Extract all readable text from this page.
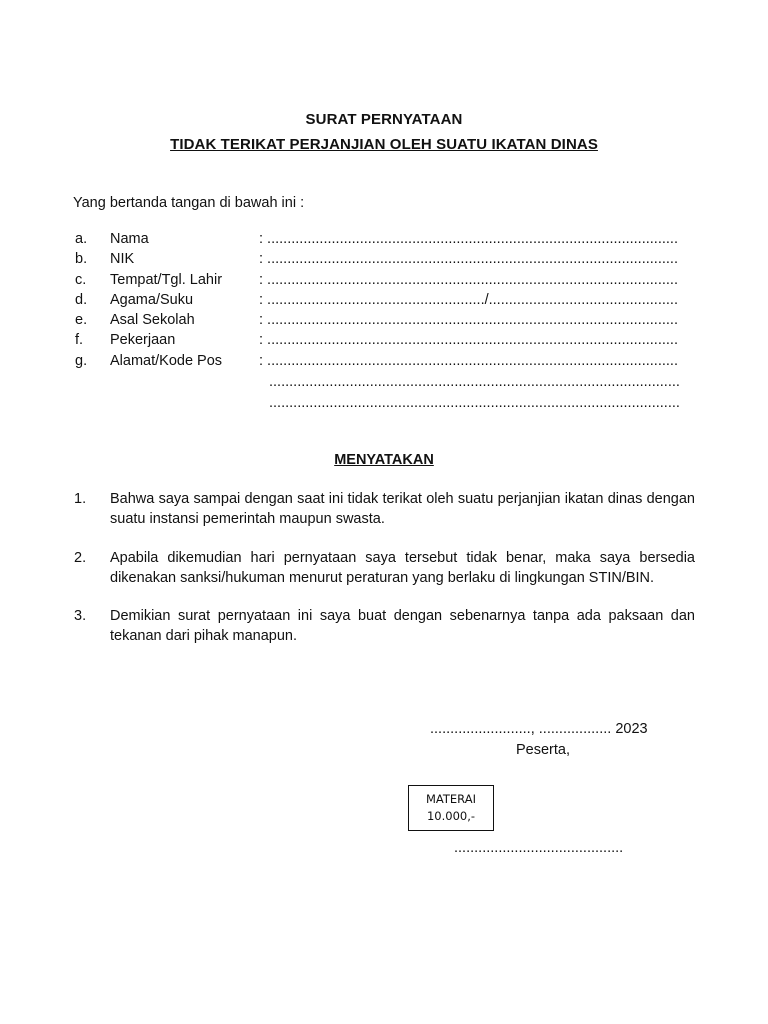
SURAT PERNYATAAN
TIDAK TERIKAT PERJANJIAN OLEH SUATU IKATAN DINAS
Yang bertanda tangan di bawah ini :
a. Nama	: ......................................................................................................
b. NIK	: ......................................................................................................
c. Tempat/Tgl. Lahir	: ......................................................................................................
d. Agama/Suku	: ....................................................../...............................................
e. Asal Sekolah	: ......................................................................................................
f. Pekerjaan	: ......................................................................................................
g. Alamat/Kode Pos	: ......................................................................................................
......................................................................................................
......................................................................................................
MENYATAKAN
1. Bahwa saya sampai dengan saat ini tidak terikat oleh suatu perjanjian ikatan dinas dengan suatu instansi pemerintah maupun swasta.
2. Apabila dikemudian hari pernyataan saya tersebut tidak benar, maka saya bersedia dikenakan sanksi/hukuman menurut peraturan yang berlaku di lingkungan STIN/BIN.
3. Demikian surat pernyataan ini saya buat dengan sebenarnya tanpa ada paksaan dan tekanan dari pihak manapun.
........................., .................. 2023
Peserta,
MATERAI
10.000,-
..........................................
